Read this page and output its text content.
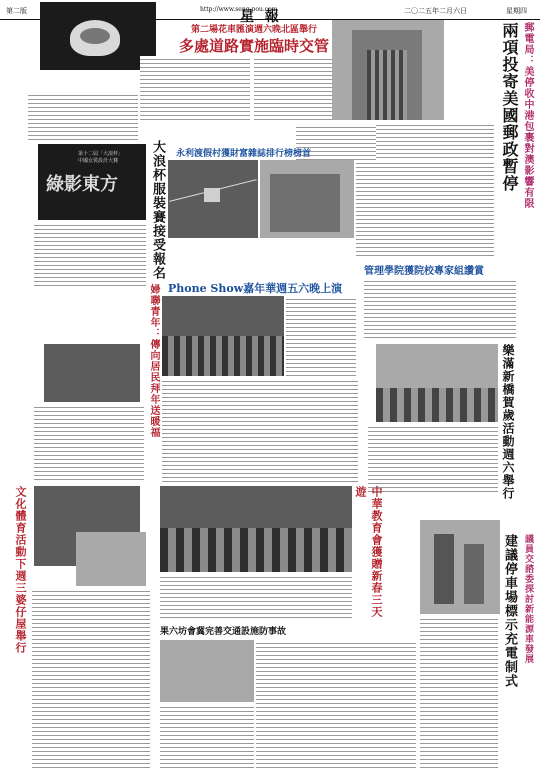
第二版	http://www.seng-pou.com
星 報	二〇二五年二月六日	星期四
第二場花車匯演週六晚北區舉行
多處道路實施臨時交管	兩項投寄美國郵政暫停 郵電局：美停收中港包裹對澳影響有限
第十二屆「大浪杯」
中國女裝設計大賽
綠影東方 大浪杯服裝賽接受報名 永利渡假村獲財富雜誌排行榜榜首
Phone Show嘉年華週五六晚上演
管理學院獲院校專家組讚賞
婦聯青年：傳向居民拜年送暖福	樂滿新橋賀歲活動週六舉行
文化體育活動下週三婆仔屋舉行	中華教育會獲贈新春三天遊
果六坊會冀完善交通設施防事故	建議停車場標示充電制式 議員交諮委探討新能源車發展
